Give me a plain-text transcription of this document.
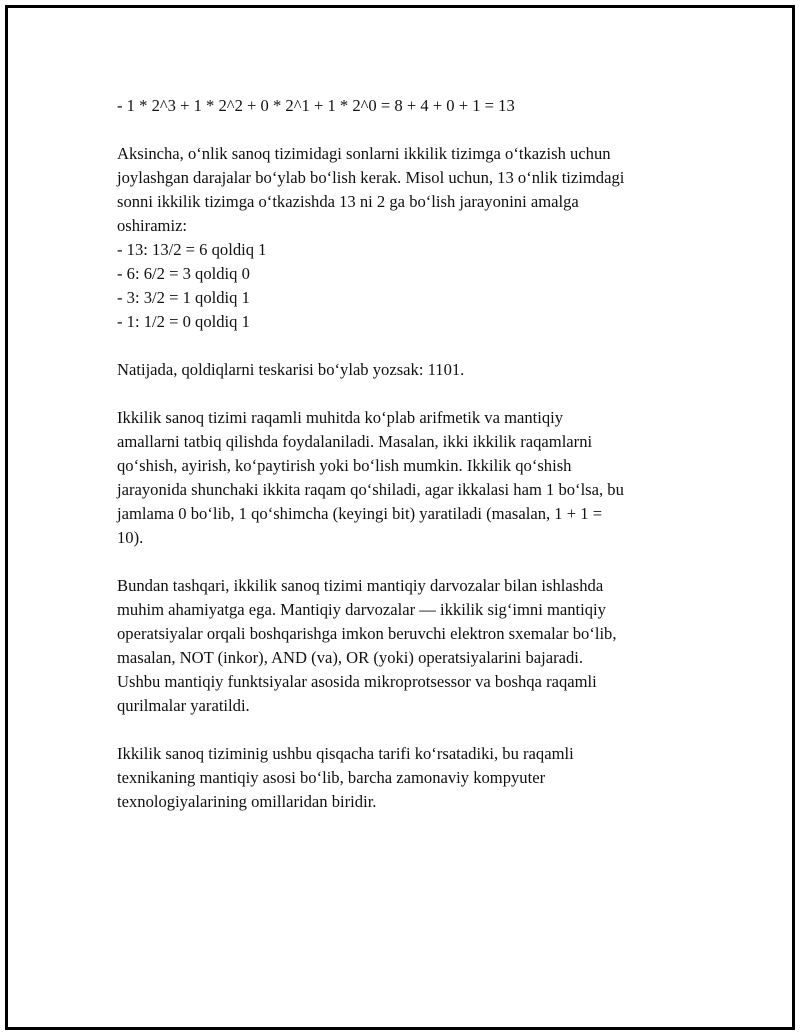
- 1 * 2^3 + 1 * 2^2 + 0 * 2^1 + 1 * 2^0 = 8 + 4 + 0 + 1 = 13
Aksincha, oʻnlik sanoq tizimidagi sonlarni ikkilik tizimga oʻtkazish uchun
joylashgan darajalar boʻylab boʻlish kerak. Misol uchun, 13 oʻnlik tizimdagi
sonni ikkilik tizimga oʻtkazishda 13 ni 2 ga boʻlish jarayonini amalga
oshiramiz:
- 13: 13/2 = 6 qoldiq 1
- 6: 6/2 = 3 qoldiq 0
- 3: 3/2 = 1 qoldiq 1
- 1: 1/2 = 0 qoldiq 1
Natijada, qoldiqlarni teskarisi boʻylab yozsak: 1101.
Ikkilik sanoq tizimi raqamli muhitda koʻplab arifmetik va mantiqiy
amallarni tatbiq qilishda foydalaniladi. Masalan, ikki ikkilik raqamlarni
qoʻshish, ayirish, koʻpaytirish yoki boʻlish mumkin. Ikkilik qoʻshish
jarayonida shunchaki ikkita raqam qoʻshiladi, agar ikkalasi ham 1 boʻlsa, bu
jamlama 0 boʻlib, 1 qoʻshimcha (keyingi bit) yaratiladi (masalan, 1 + 1 =
10).
Bundan tashqari, ikkilik sanoq tizimi mantiqiy darvozalar bilan ishlashda
muhim ahamiyatga ega. Mantiqiy darvozalar — ikkilik sigʻimni mantiqiy
operatsiyalar orqali boshqarishga imkon beruvchi elektron sxemalar boʻlib,
masalan, NOT (inkor), AND (va), OR (yoki) operatsiyalarini bajaradi.
Ushbu mantiqiy funktsiyalar asosida mikroprotsessor va boshqa raqamli
qurilmalar yaratildi.
Ikkilik sanoq tiziminig ushbu qisqacha tarifi koʻrsatadiki, bu raqamli
texnikaning mantiqiy asosi boʻlib, barcha zamonaviy kompyuter
texnologiyalarining omillaridan biridir.
